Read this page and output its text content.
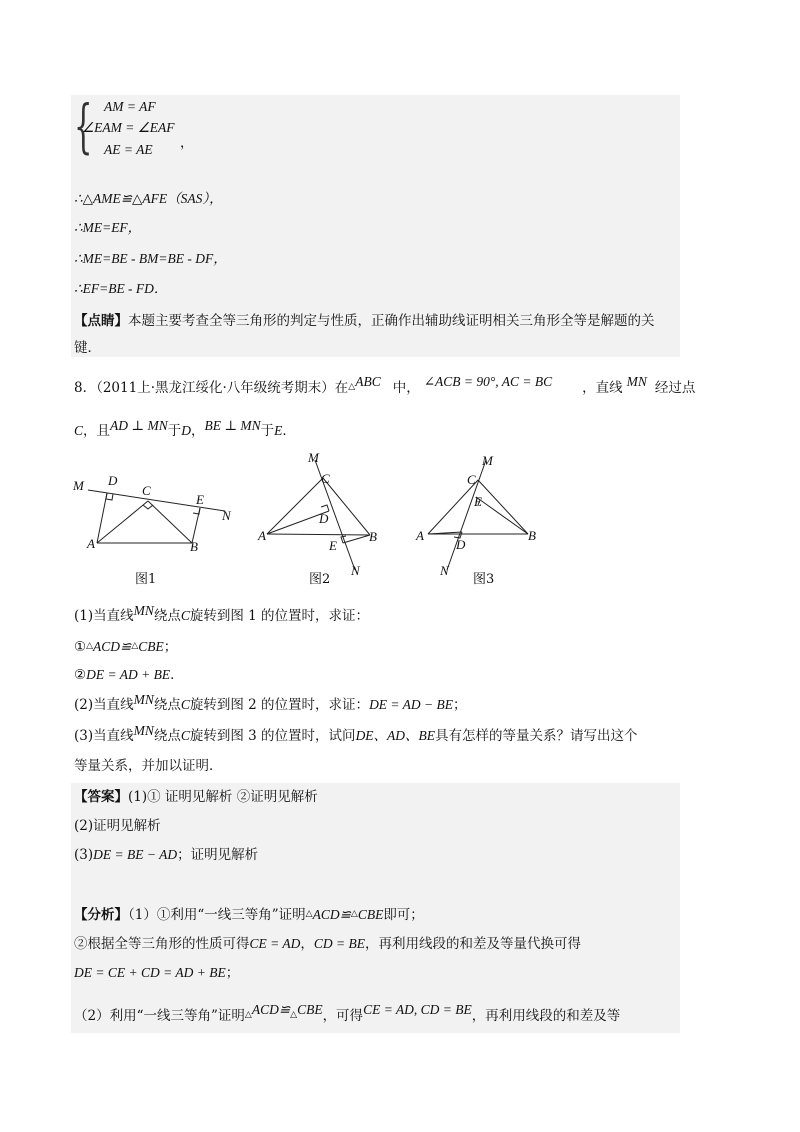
{ AM = AF
∠EAM = ∠EAF
AE = AE ，
∴△AME≌△AFE（SAS），
∴ME=EF，
∴ME=BE - BM=BE - DF，
∴EF=BE - FD．
【点睛】本题主要考查全等三角形的判定与性质，正确作出辅助线证明相关三角形全等是解题的关
键．
8．（2011上·黑龙江绥化·八年级统考期末）在△ABC 中， ∠ACB = 90°, AC = BC ，直线 MN 经过点
C，且AD ⊥ MN于D，BE ⊥ MN于E．
M D
C
E
N
A	B
图1
M
C
D
E
A	B
N
图2
M
C
E
D
A	B
N
图3
(1)当直线MN绕点C旋转到图 1 的位置时，求证：
①△ACD≌△CBE；
②DE = AD + BE．
(2)当直线MN绕点C旋转到图 2 的位置时，求证：DE = AD − BE；
(3)当直线MN绕点C旋转到图 3 的位置时，试问DE、AD、BE具有怎样的等量关系？请写出这个
等量关系，并加以证明．
【答案】(1)① 证明见解析 ②证明见解析
(2)证明见解析
(3)DE = BE − AD；证明见解析
【分析】（1）①利用“一线三等角”证明△ACD≌△CBE即可；
②根据全等三角形的性质可得CE = AD，CD = BE，再利用线段的和差及等量代换可得
DE = CE + CD = AD + BE；
（2）利用“一线三等角”证明△ACD≌△CBE，可得CE = AD, CD = BE，再利用线段的和差及等
